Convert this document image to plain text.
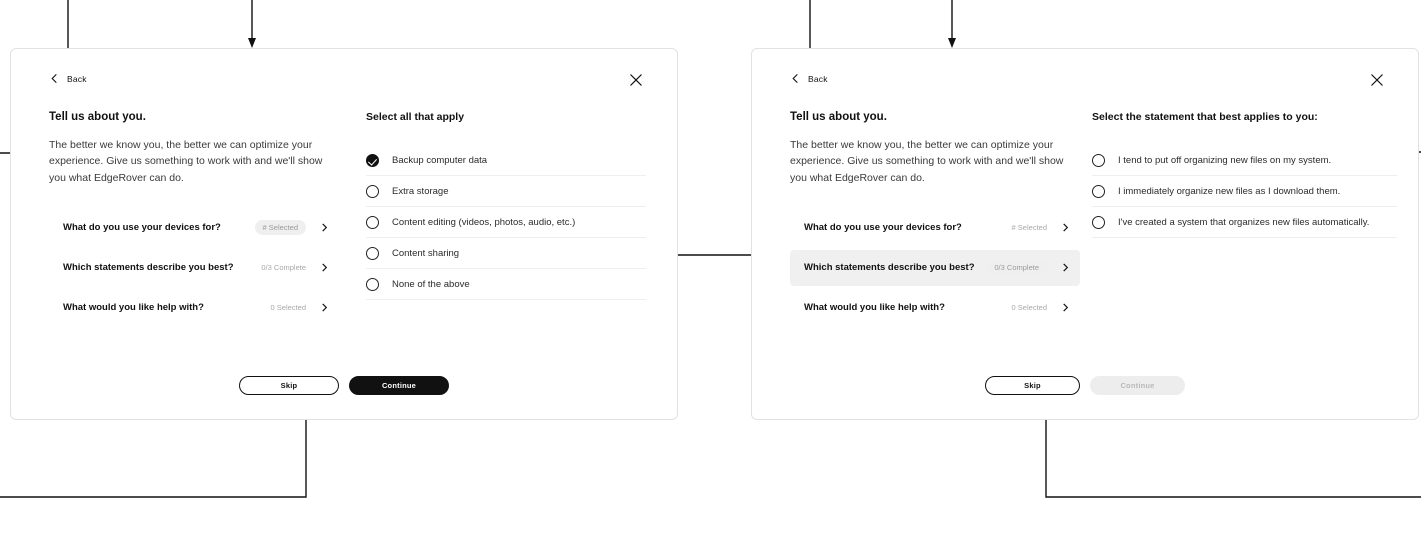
Back
Tell us about you.

The better we know you, the better we can optimize your experience. Give us something to work with and we'll show you what EdgeRover can do.

What do you use your devices for?	# Selected
Which statements describe you best?	0/3 Complete
What would you like help with?	0 Selected
Select all that apply
Backup computer data
Extra storage
Content editing (videos, photos, audio, etc.)
Content sharing
None of the above
Skip	Continue
Back
Tell us about you.

The better we know you, the better we can optimize your experience. Give us something to work with and we'll show you what EdgeRover can do.

What do you use your devices for?	# Selected
Which statements describe you best?	0/3 Complete
What would you like help with?	0 Selected
Select the statement that best applies to you:
I tend to put off organizing new files on my system.
I immediately organize new files as I download them.
I've created a system that organizes new files automatically.
Skip	Continue
